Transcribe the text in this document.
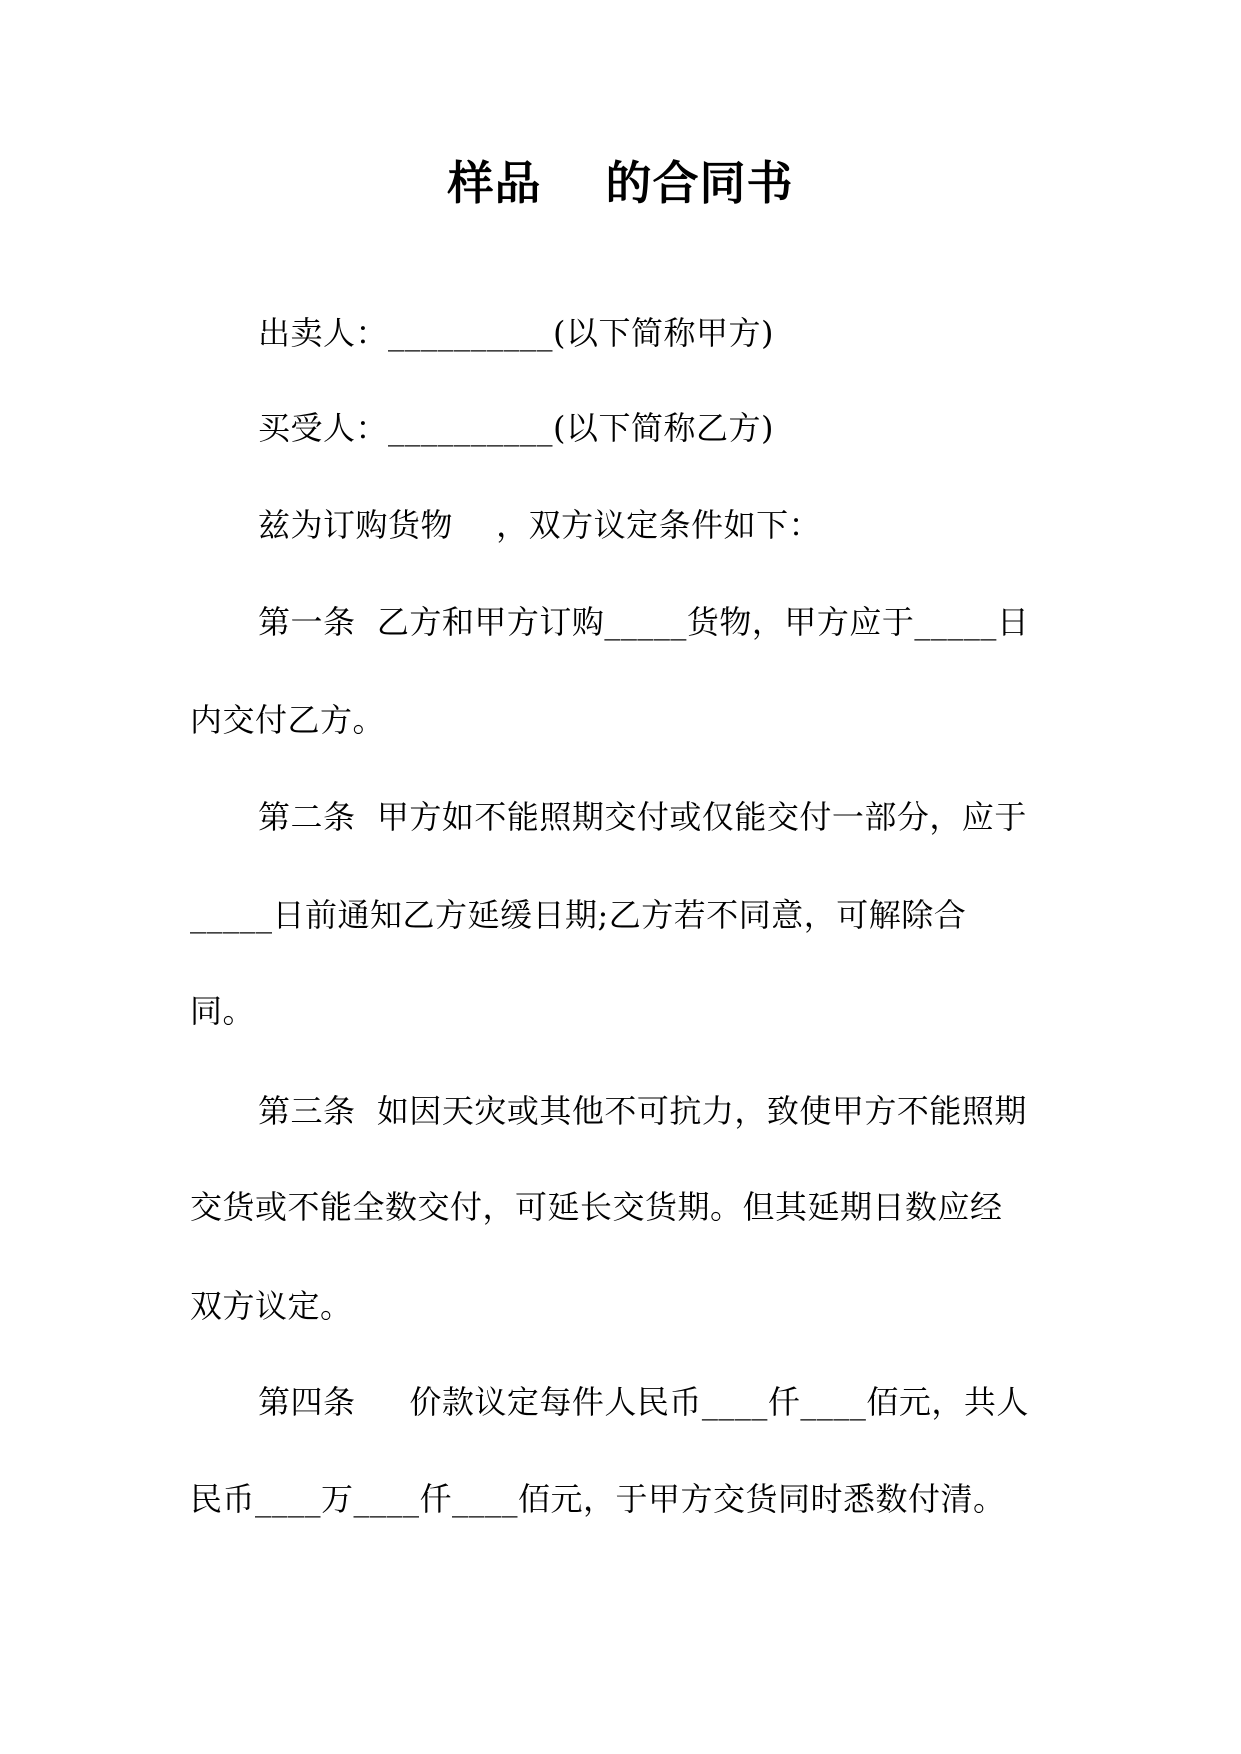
样品　 的合同书
出卖人：__________(以下简称甲方)
买受人：__________(以下简称乙方)
兹为订购货物　 ，双方议定条件如下：
第一条  乙方和甲方订购_____货物，甲方应于_____日
内交付乙方。
第二条  甲方如不能照期交付或仅能交付一部分，应于
_____日前通知乙方延缓日期;乙方若不同意，可解除合
同。
第三条  如因天灾或其他不可抗力，致使甲方不能照期
交货或不能全数交付，可延长交货期。但其延期日数应经
双方议定。
第四条　  价款议定每件人民币____仟____佰元，共人
民币____万____仟____佰元，于甲方交货同时悉数付清。
